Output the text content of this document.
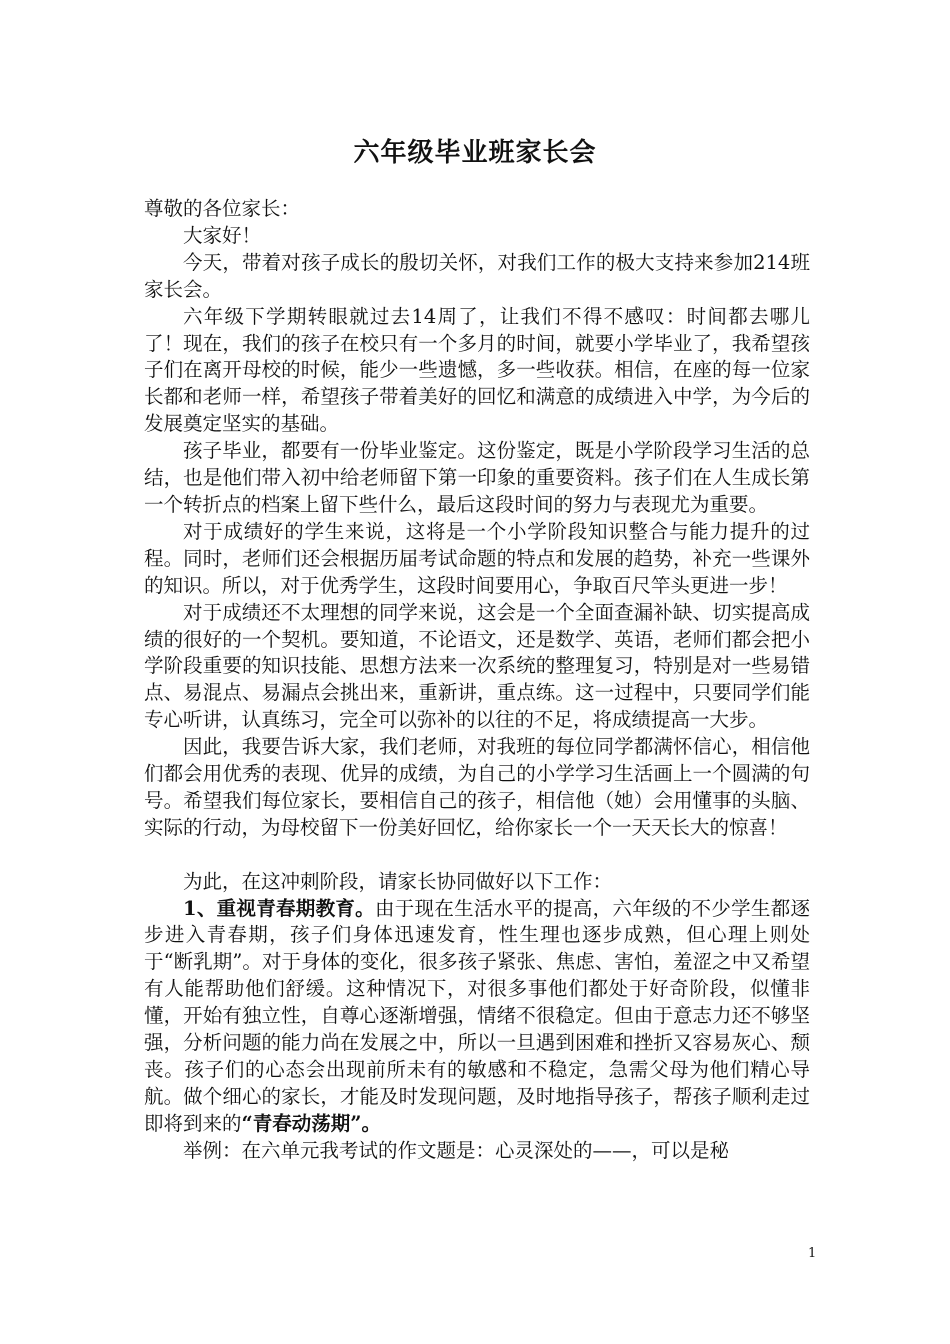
六年级毕业班家长会

尊敬的各位家长：

大家好！

今天，带着对孩子成长的殷切关怀，对我们工作的极大支持来参加214班家长会。

六年级下学期转眼就过去14周了，让我们不得不感叹：时间都去哪儿了！现在，我们的孩子在校只有一个多月的时间，就要小学毕业了，我希望孩子们在离开母校的时候，能少一些遗憾，多一些收获。相信，在座的每一位家长都和老师一样，希望孩子带着美好的回忆和满意的成绩进入中学，为今后的发展奠定坚实的基础。

孩子毕业，都要有一份毕业鉴定。这份鉴定，既是小学阶段学习生活的总结，也是他们带入初中给老师留下第一印象的重要资料。孩子们在人生成长第一个转折点的档案上留下些什么，最后这段时间的努力与表现尤为重要。

对于成绩好的学生来说，这将是一个小学阶段知识整合与能力提升的过程。同时，老师们还会根据历届考试命题的特点和发展的趋势，补充一些课外的知识。所以，对于优秀学生，这段时间要用心，争取百尺竿头更进一步！

对于成绩还不太理想的同学来说，这会是一个全面查漏补缺、切实提高成绩的很好的一个契机。要知道，不论语文，还是数学、英语，老师们都会把小学阶段重要的知识技能、思想方法来一次系统的整理复习，特别是对一些易错点、易混点、易漏点会挑出来，重新讲，重点练。这一过程中，只要同学们能专心听讲，认真练习，完全可以弥补的以往的不足，将成绩提高一大步。

因此，我要告诉大家，我们老师，对我班的每位同学都满怀信心，相信他们都会用优秀的表现、优异的成绩，为自己的小学学习生活画上一个圆满的句号。希望我们每位家长，要相信自己的孩子，相信他（她）会用懂事的头脑、实际的行动，为母校留下一份美好回忆，给你家长一个一天天长大的惊喜！

为此，在这冲刺阶段，请家长协同做好以下工作：

1、重视青春期教育。由于现在生活水平的提高，六年级的不少学生都逐步进入青春期，孩子们身体迅速发育，性生理也逐步成熟，但心理上则处于“断乳期”。对于身体的变化，很多孩子紧张、焦虑、害怕，羞涩之中又希望有人能帮助他们舒缓。这种情况下，对很多事他们都处于好奇阶段，似懂非懂，开始有独立性，自尊心逐渐增强，情绪不很稳定。但由于意志力还不够坚强，分析问题的能力尚在发展之中，所以一旦遇到困难和挫折又容易灰心、颓丧。孩子们的心态会出现前所未有的敏感和不稳定，急需父母为他们精心导航。做个细心的家长，才能及时发现问题，及时地指导孩子，帮孩子顺利走过即将到来的“青春动荡期”。

举例：在六单元我考试的作文题是：心灵深处的——，可以是秘

1
